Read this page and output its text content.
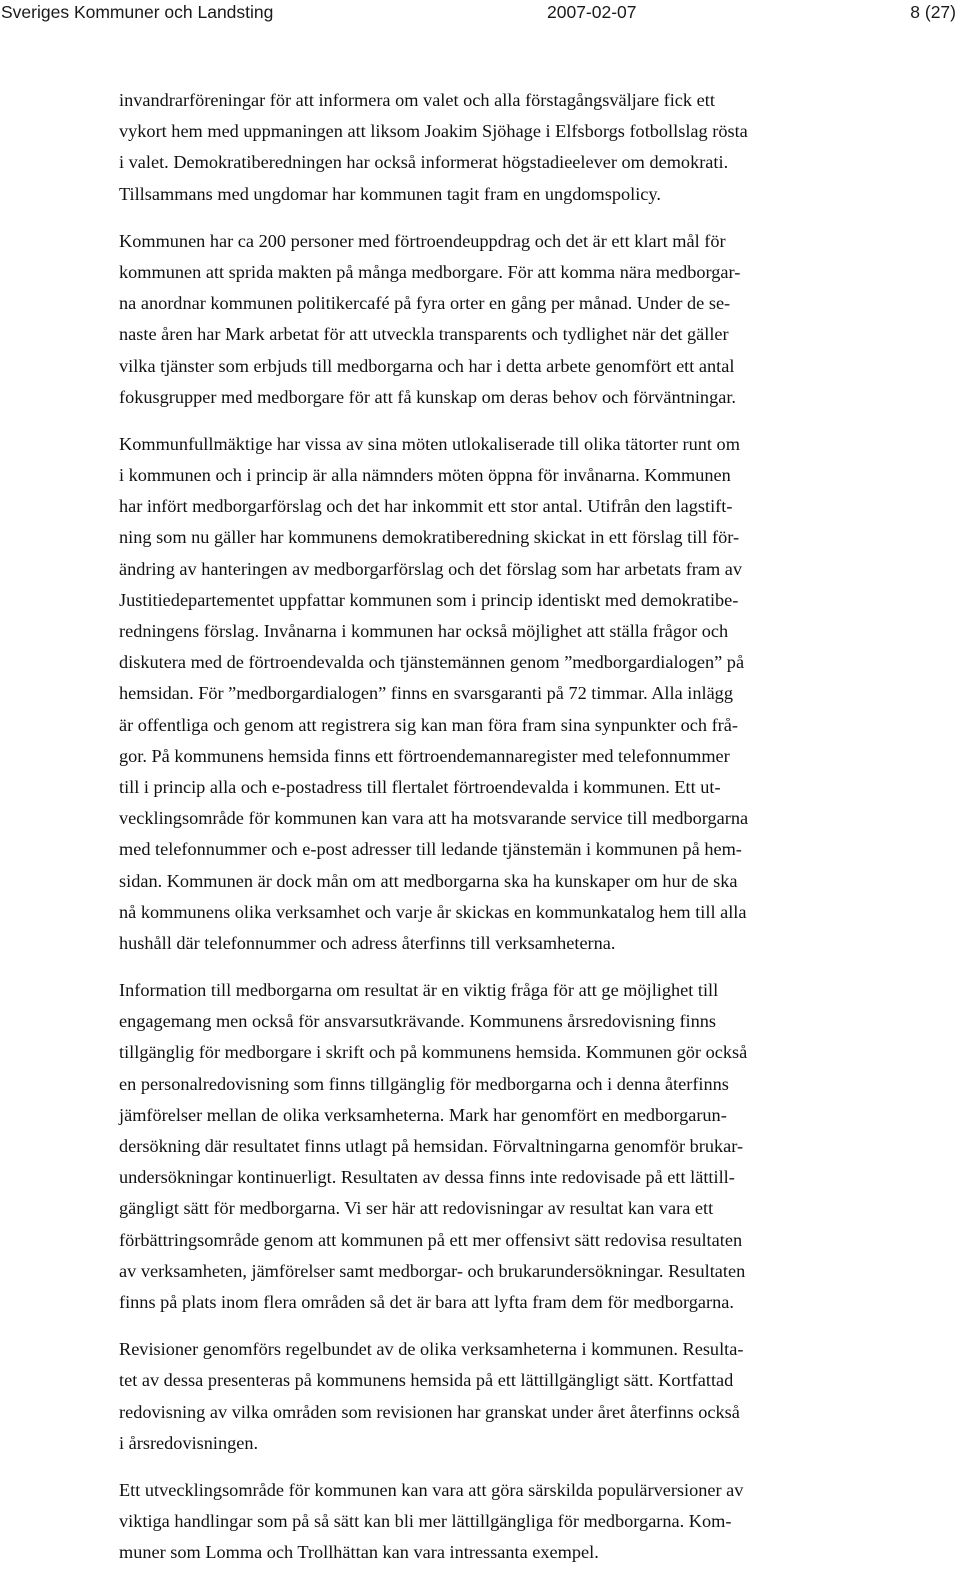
Sveriges Kommuner och Landsting	2007-02-07	8 (27)
invandrarföreningar för att informera om valet och alla förstagångsväljare fick ett
vykort hem med uppmaningen att liksom Joakim Sjöhage i Elfsborgs fotbollslag rösta
i valet. Demokratiberedningen har också informerat högstadieelever om demokrati.
Tillsammans med ungdomar har kommunen tagit fram en ungdomspolicy.
Kommunen har ca 200 personer med förtroendeuppdrag och det är ett klart mål för
kommunen att sprida makten på många medborgare. För att komma nära medborgar-
na anordnar kommunen politikercafé på fyra orter en gång per månad. Under de se-
naste åren har Mark arbetat för att utveckla transparents och tydlighet när det gäller
vilka tjänster som erbjuds till medborgarna och har i detta arbete genomfört ett antal
fokusgrupper med medborgare för att få kunskap om deras behov och förväntningar.
Kommunfullmäktige har vissa av sina möten utlokaliserade till olika tätorter runt om
i kommunen och i princip är alla nämnders möten öppna för invånarna. Kommunen
har infört medborgarförslag och det har inkommit ett stor antal. Utifrån den lagstift-
ning som nu gäller har kommunens demokratiberedning skickat in ett förslag till för-
ändring av hanteringen av medborgarförslag och det förslag som har arbetats fram av
Justitiedepartementet uppfattar kommunen som i princip identiskt med demokratibe-
redningens förslag. Invånarna i kommunen har också möjlighet att ställa frågor och
diskutera med de förtroendevalda och tjänstemännen genom ”medborgardialogen” på
hemsidan. För ”medborgardialogen” finns en svarsgaranti på 72 timmar. Alla inlägg
är offentliga och genom att registrera sig kan man föra fram sina synpunkter och frå-
gor. På kommunens hemsida finns ett förtroendemannaregister med telefonnummer
till i princip alla och e-postadress till flertalet förtroendevalda i kommunen. Ett ut-
vecklingsområde för kommunen kan vara att ha motsvarande service till medborgarna
med telefonnummer och e-post adresser till ledande tjänstemän i kommunen på hem-
sidan. Kommunen är dock mån om att medborgarna ska ha kunskaper om hur de ska
nå kommunens olika verksamhet och varje år skickas en kommunkatalog hem till alla
hushåll där telefonnummer och adress återfinns till verksamheterna.
Information till medborgarna om resultat är en viktig fråga för att ge möjlighet till
engagemang men också för ansvarsutkrävande. Kommunens årsredovisning finns
tillgänglig för medborgare i skrift och på kommunens hemsida. Kommunen gör också
en personalredovisning som finns tillgänglig för medborgarna och i denna återfinns
jämförelser mellan de olika verksamheterna. Mark har genomfört en medborgarun-
dersökning där resultatet finns utlagt på hemsidan. Förvaltningarna genomför brukar-
undersökningar kontinuerligt. Resultaten av dessa finns inte redovisade på ett lättill-
gängligt sätt för medborgarna. Vi ser här att redovisningar av resultat kan vara ett
förbättringsområde genom att kommunen på ett mer offensivt sätt redovisa resultaten
av verksamheten, jämförelser samt medborgar- och brukarundersökningar. Resultaten
finns på plats inom flera områden så det är bara att lyfta fram dem för medborgarna.
Revisioner genomförs regelbundet av de olika verksamheterna i kommunen. Resulta-
tet av dessa presenteras på kommunens hemsida på ett lättillgängligt sätt. Kortfattad
redovisning av vilka områden som revisionen har granskat under året återfinns också
i årsredovisningen.
Ett utvecklingsområde för kommunen kan vara att göra särskilda populärversioner av
viktiga handlingar som på så sätt kan bli mer lättillgängliga för medborgarna. Kom-
muner som Lomma och Trollhättan kan vara intressanta exempel.
